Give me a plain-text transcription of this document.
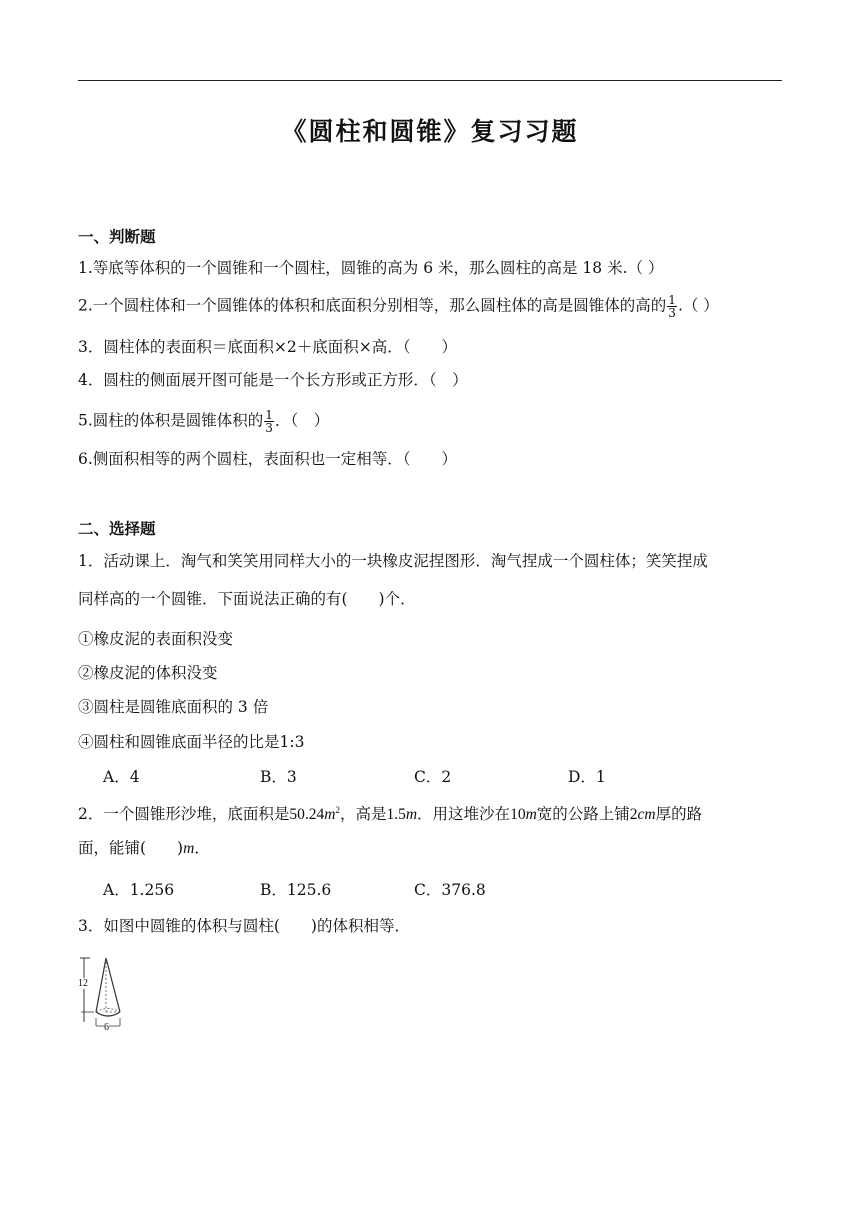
《圆柱和圆锥》复习习题
一、判断题
1.等底等体积的一个圆锥和一个圆柱，圆锥的高为 6 米，那么圆柱的高是 18 米.（ ）
2.一个圆柱体和一个圆锥体的体积和底面积分别相等，那么圆柱体的高是圆锥体的高的 $\frac{1}{3}$ .（ ）
3．圆柱体的表面积＝底面积×2＋底面积×高．（　　）
4．圆柱的侧面展开图可能是一个长方形或正方形．（　）
5.圆柱的体积是圆锥体积的 $\frac{1}{3}$ ．（　）
6.侧面积相等的两个圆柱，表面积也一定相等．（　　）
二、选择题
1．活动课上．淘气和笑笑用同样大小的一块橡皮泥捏图形．淘气捏成一个圆柱体；笑笑捏成
同样高的一个圆锥．下面说法正确的有(　　)个．
①橡皮泥的表面积没变
②橡皮泥的体积没变
③圆柱是圆锥底面积的 3 倍
④圆柱和圆锥底面半径的比是1:3
A．4	B．3	C．2	D．1
2．一个圆锥形沙堆，底面积是$50.24m^2$，高是1.5m．用这堆沙在10m宽的公路上铺2cm厚的路
面，能铺(　　)m．
A．1.256	B．125.6	C．376.8
3．如图中圆锥的体积与圆柱(　　)的体积相等．
12
6
